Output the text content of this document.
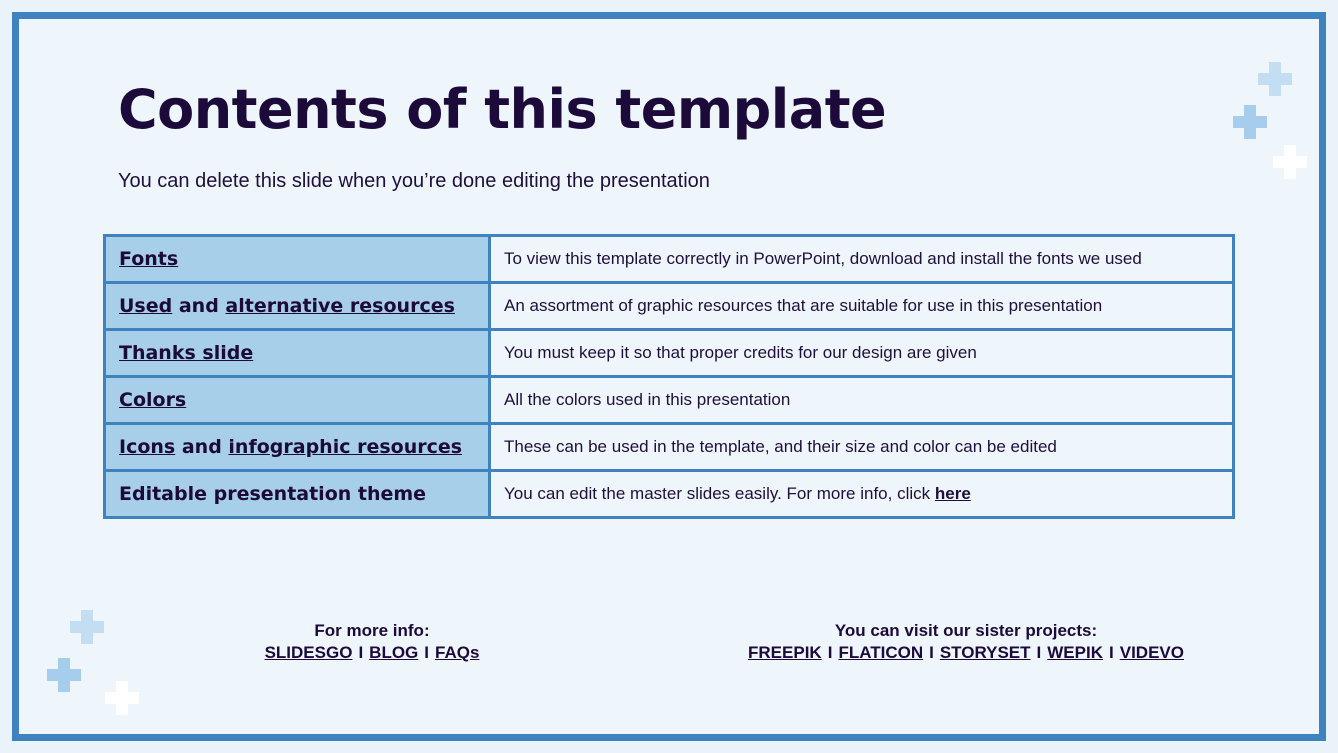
Contents of this template
You can delete this slide when you’re done editing the presentation
Fonts	To view this template correctly in PowerPoint, download and install the fonts we used
Used and alternative resources	An assortment of graphic resources that are suitable for use in this presentation
Thanks slide	You must keep it so that proper credits for our design are given
Colors	All the colors used in this presentation
Icons and infographic resources	These can be used in the template, and their size and color can be edited
Editable presentation theme	You can edit the master slides easily. For more info, click here
For more info:
SLIDESGO I BLOG I FAQs
You can visit our sister projects:
FREEPIK I FLATICON I STORYSET I WEPIK I VIDEVO
